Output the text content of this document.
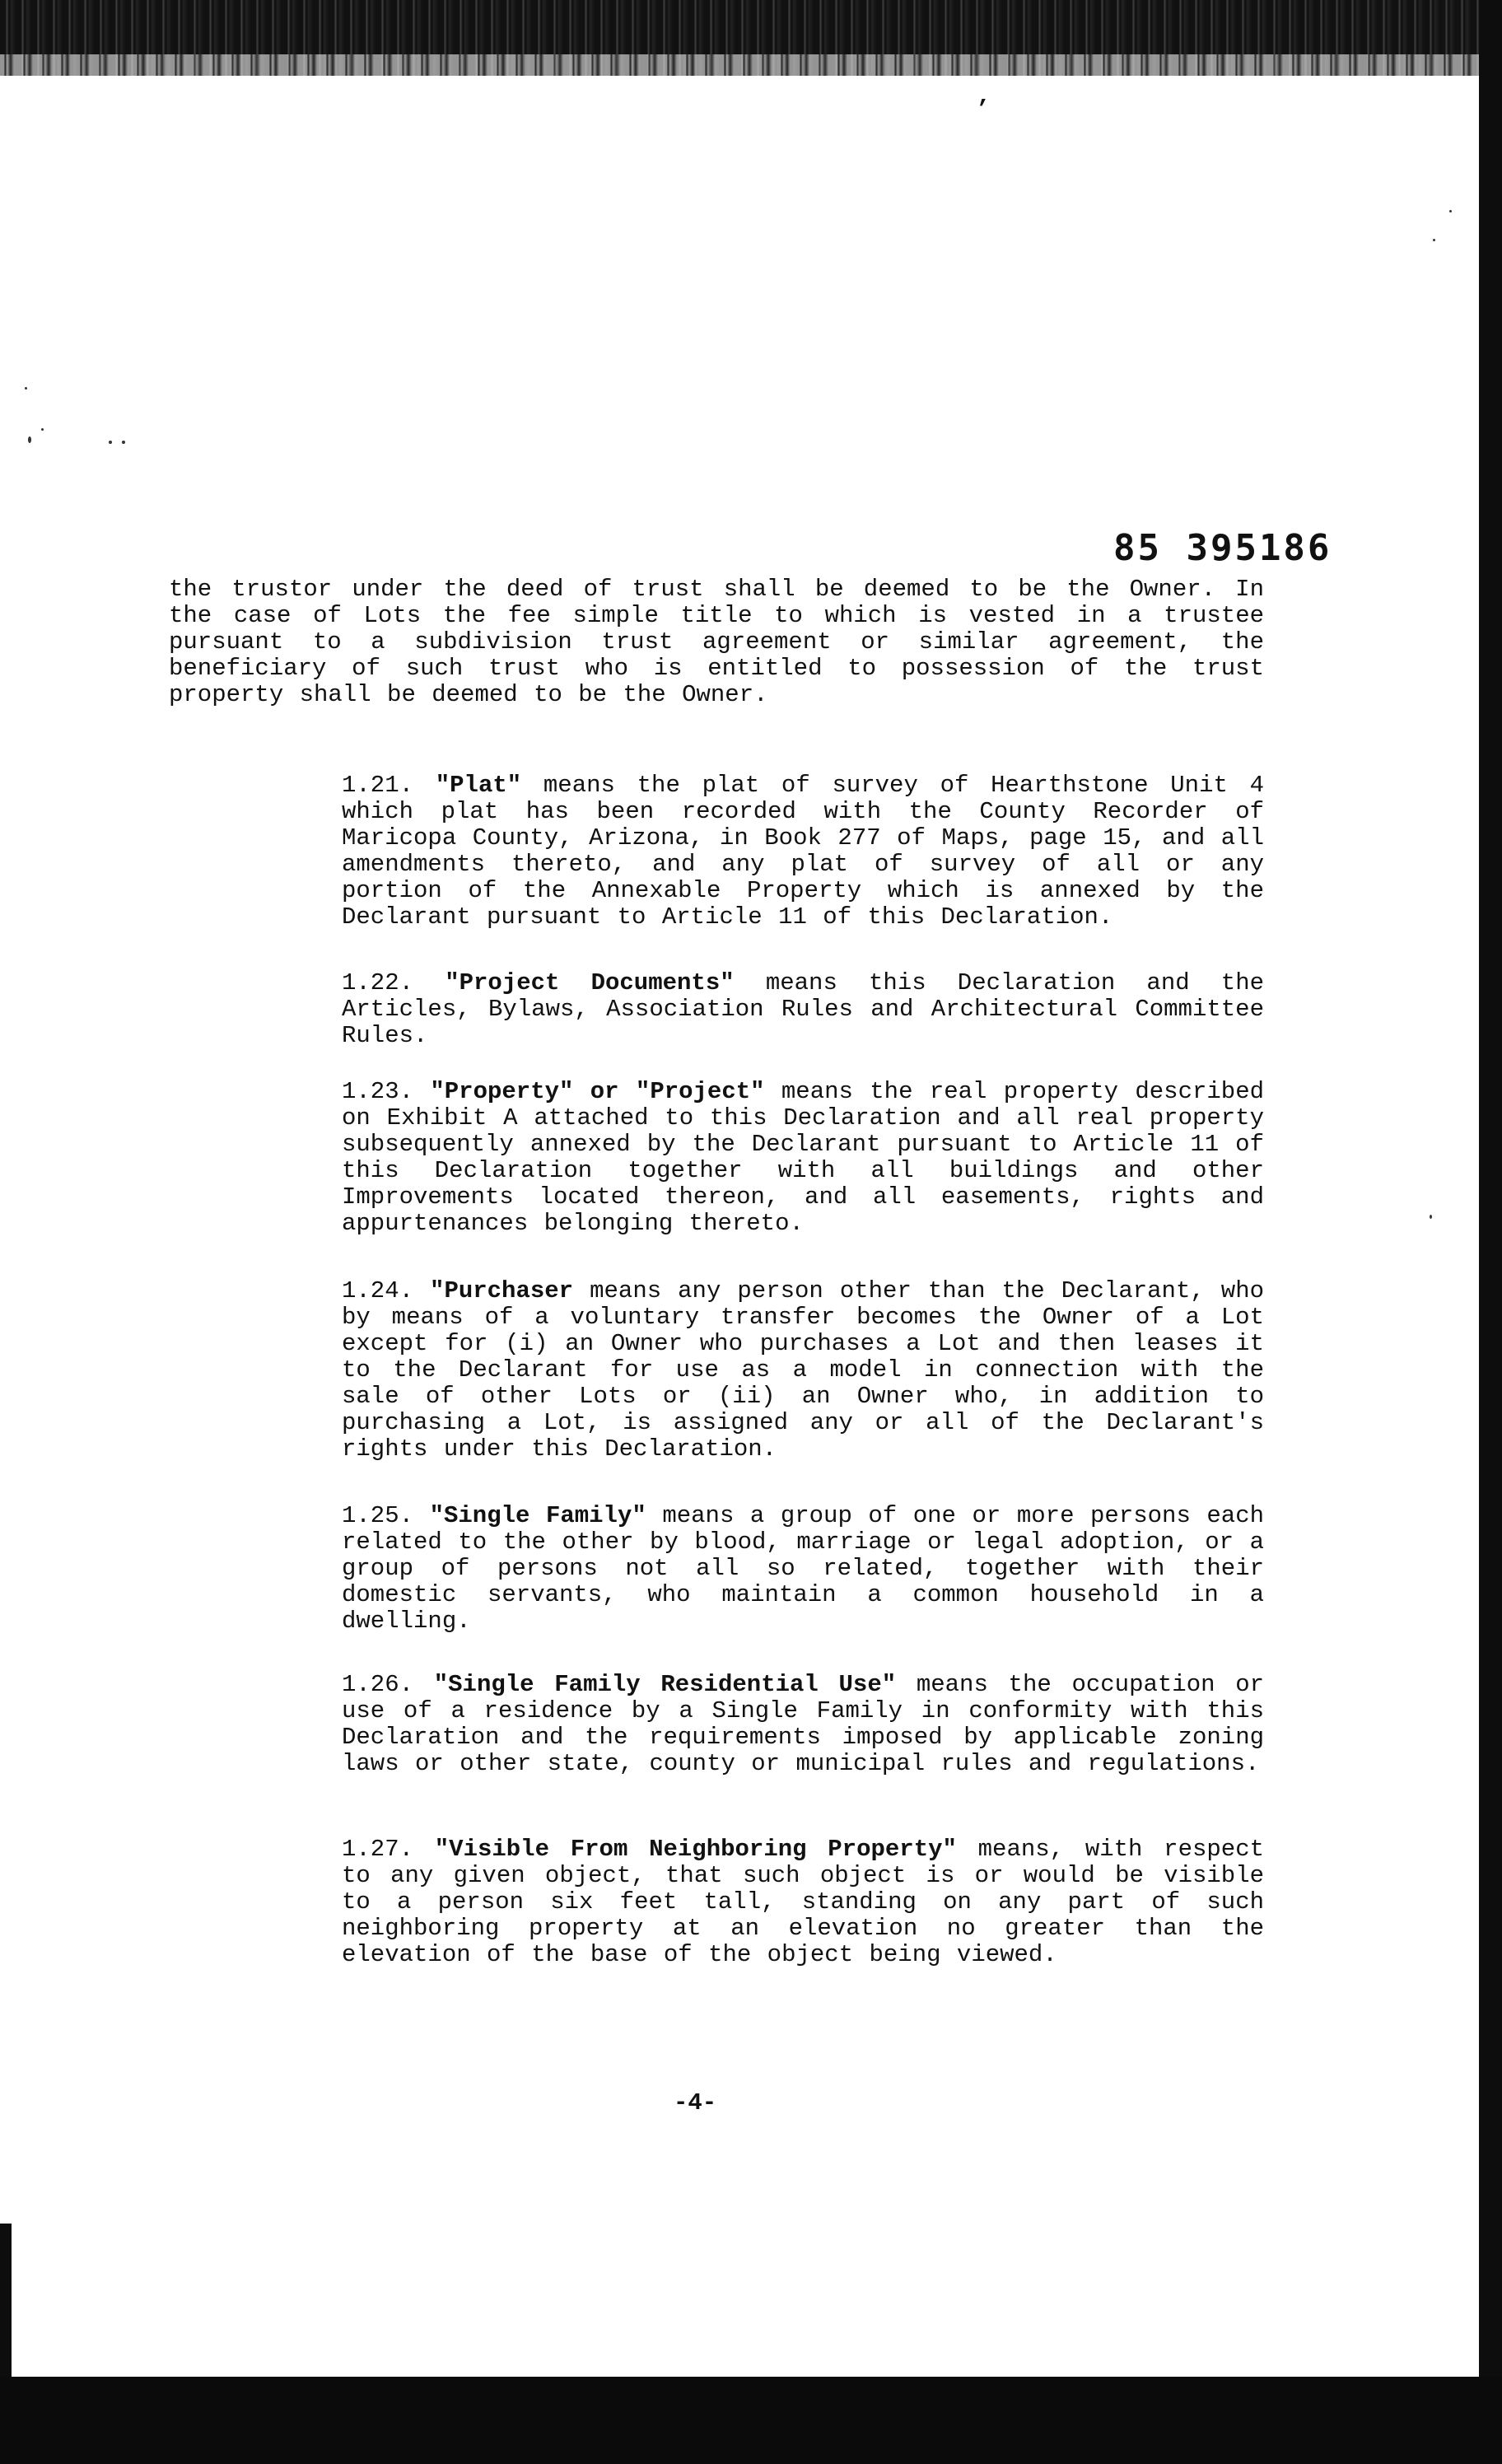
’
85 395186
the trustor under the deed of trust shall be deemed to be the Owner. In the case of Lots the fee simple title to which is vested in a trustee pursuant to a subdivision trust agreement or similar agreement, the beneficiary of such trust who is entitled to possession of the trust property shall be deemed to be the Owner.
1.21. "Plat" means the plat of survey of Hearthstone Unit 4 which plat has been recorded with the County Recorder of Maricopa County, Arizona, in Book 277 of Maps, page 15, and all amendments thereto, and any plat of survey of all or any portion of the Annexable Property which is annexed by the Declarant pursuant to Article 11 of this Declaration.
1.22. "Project Documents" means this Declaration and the Articles, Bylaws, Association Rules and Architectural Committee Rules.
1.23. "Property" or "Project" means the real property described on Exhibit A attached to this Declaration and all real property subsequently annexed by the Declarant pursuant to Article 11 of this Declaration together with all buildings and other Improvements located thereon, and all easements, rights and appurtenances belonging thereto.
1.24. "Purchaser means any person other than the Declarant, who by means of a voluntary transfer becomes the Owner of a Lot except for (i) an Owner who purchases a Lot and then leases it to the Declarant for use as a model in connection with the sale of other Lots or (ii) an Owner who, in addition to purchasing a Lot, is assigned any or all of the Declarant's rights under this Declaration.
1.25. "Single Family" means a group of one or more persons each related to the other by blood, marriage or legal adoption, or a group of persons not all so related, together with their domestic servants, who maintain a common household in a dwelling.
1.26. "Single Family Residential Use" means the occupation or use of a residence by a Single Family in conformity with this Declaration and the requirements imposed by applicable zoning laws or other state, county or municipal rules and regulations.
1.27. "Visible From Neighboring Property" means, with respect to any given object, that such object is or would be visible to a person six feet tall, standing on any part of such neighboring property at an elevation no greater than the elevation of the base of the object being viewed.
-4-
